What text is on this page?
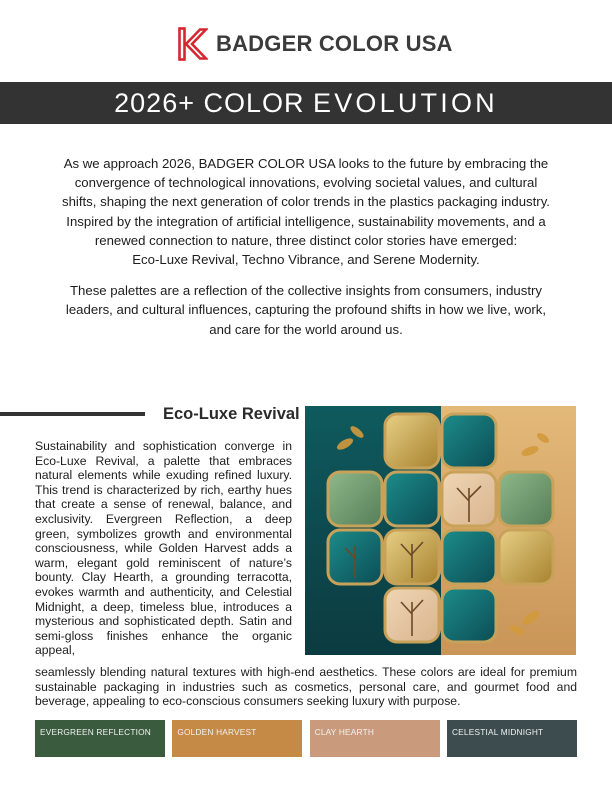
BADGER COLOR USA
2026+ COLOR EVOLUTION

As we approach 2026, BADGER COLOR USA looks to the future by embracing the convergence of technological innovations, evolving societal values, and cultural shifts, shaping the next generation of color trends in the plastics packaging industry. Inspired by the integration of artificial intelligence, sustainability movements, and a renewed connection to nature, three distinct color stories have emerged:
Eco-Luxe Revival, Techno Vibrance, and Serene Modernity.

These palettes are a reflection of the collective insights from consumers, industry leaders, and cultural influences, capturing the profound shifts in how we live, work, and care for the world around us.

Eco-Luxe Revival
Sustainability and sophistication converge in Eco-Luxe Revival, a palette that embraces natural elements while exuding refined luxury. This trend is characterized by rich, earthy hues that create a sense of renewal, balance, and exclusivity. Evergreen Reflection, a deep green, symbolizes growth and environmental consciousness, while Golden Harvest adds a warm, elegant gold reminiscent of nature’s bounty. Clay Hearth, a grounding terracotta, evokes warmth and authenticity, and Celestial Midnight, a deep, timeless blue, introduces a mysterious and sophisticated depth. Satin and semi-gloss finishes enhance the organic appeal,
seamlessly blending natural textures with high-end aesthetics. These colors are ideal for premium sustainable packaging in industries such as cosmetics, personal care, and gourmet food and beverage, appealing to eco-conscious consumers seeking luxury with purpose.
EVERGREEN REFLECTION	GOLDEN HARVEST	CLAY HEARTH	CELESTIAL MIDNIGHT
